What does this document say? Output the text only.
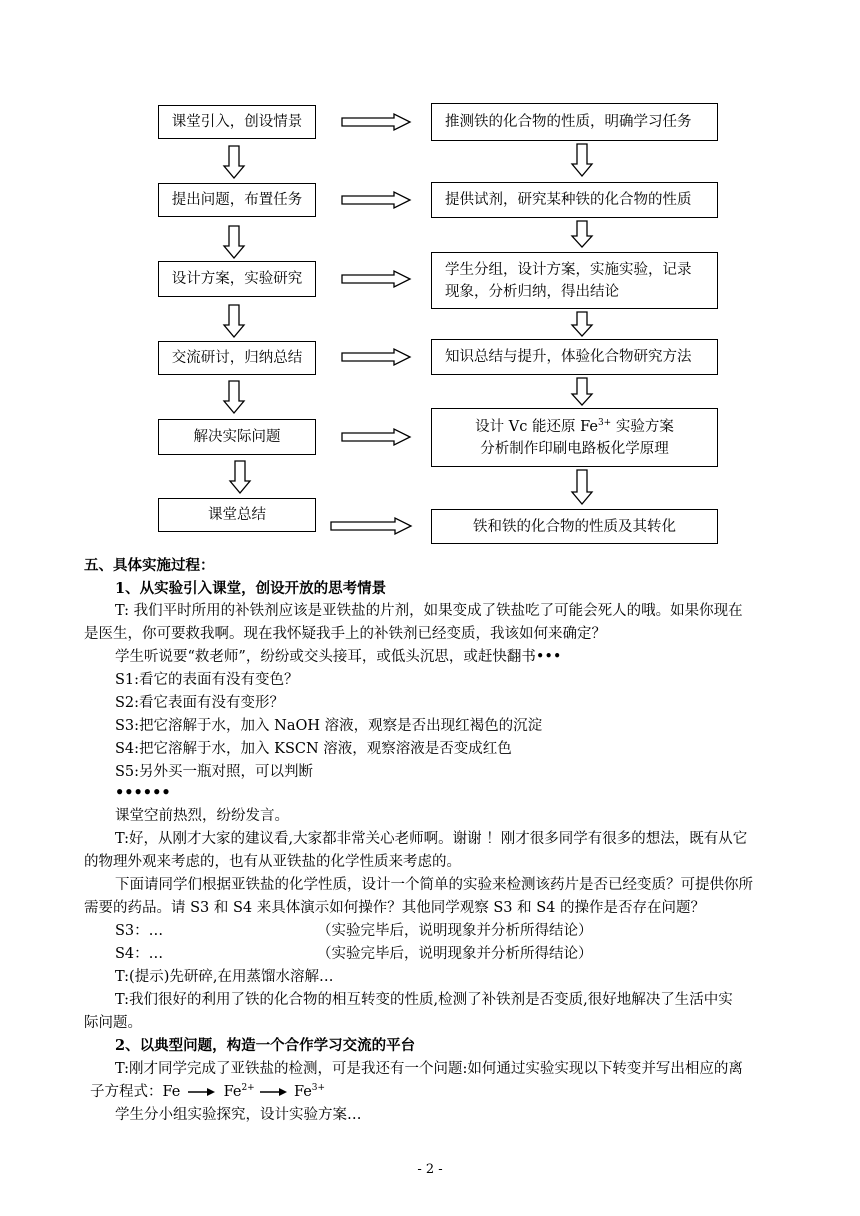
课堂引入，创设情景
提出问题，布置任务
设计方案，实验研究
交流研讨，归纳总结
解决实际问题
课堂总结
推测铁的化合物的性质，明确学习任务
提供试剂，研究某种铁的化合物的性质
学生分组，设计方案，实施实验，记录
现象，分析归纳，得出结论
知识总结与提升，体验化合物研究方法
设计 Vc 能还原 $Fe^{3+}$ 实验方案
分析制作印刷电路板化学原理
铁和铁的化合物的性质及其转化
五、具体实施过程：
1、从实验引入课堂，创设开放的思考情景
T: 我们平时所用的补铁剂应该是亚铁盐的片剂，如果变成了铁盐吃了可能会死人的哦。如果你现在
是医生，你可要救我啊。现在我怀疑我手上的补铁剂已经变质，我该如何来确定？
学生听说要“救老师”，纷纷或交头接耳，或低头沉思，或赶快翻书•••
S1:看它的表面有没有变色？
S2:看它表面有没有变形？
S3:把它溶解于水，加入 NaOH 溶液，观察是否出现红褐色的沉淀
S4:把它溶解于水，加入 KSCN 溶液，观察溶液是否变成红色
S5:另外买一瓶对照，可以判断
••••••
课堂空前热烈，纷纷发言。
T:好，从刚才大家的建议看,大家都非常关心老师啊。谢谢 ！刚才很多同学有很多的想法，既有从它
的物理外观来考虑的，也有从亚铁盐的化学性质来考虑的。
下面请同学们根据亚铁盐的化学性质，设计一个简单的实验来检测该药片是否已经变质？可提供你所
需要的药品。请 S3 和 S4 来具体演示如何操作？其他同学观察 S3 和 S4 的操作是否存在问题？
S3：…	（实验完毕后，说明现象并分析所得结论）
S4：…	（实验完毕后，说明现象并分析所得结论）
T:(提示)先研碎,在用蒸馏水溶解…
T:我们很好的利用了铁的化合物的相互转变的性质,检测了补铁剂是否变质,很好地解决了生活中实
际问题。
2、以典型问题，构造一个合作学习交流的平台
T:刚才同学完成了亚铁盐的检测，可是我还有一个问题:如何通过实验实现以下转变并写出相应的离
子方程式：$Fe \to Fe^{2+} \to Fe^{3+}$
学生分小组实验探究，设计实验方案…
- 2 -
